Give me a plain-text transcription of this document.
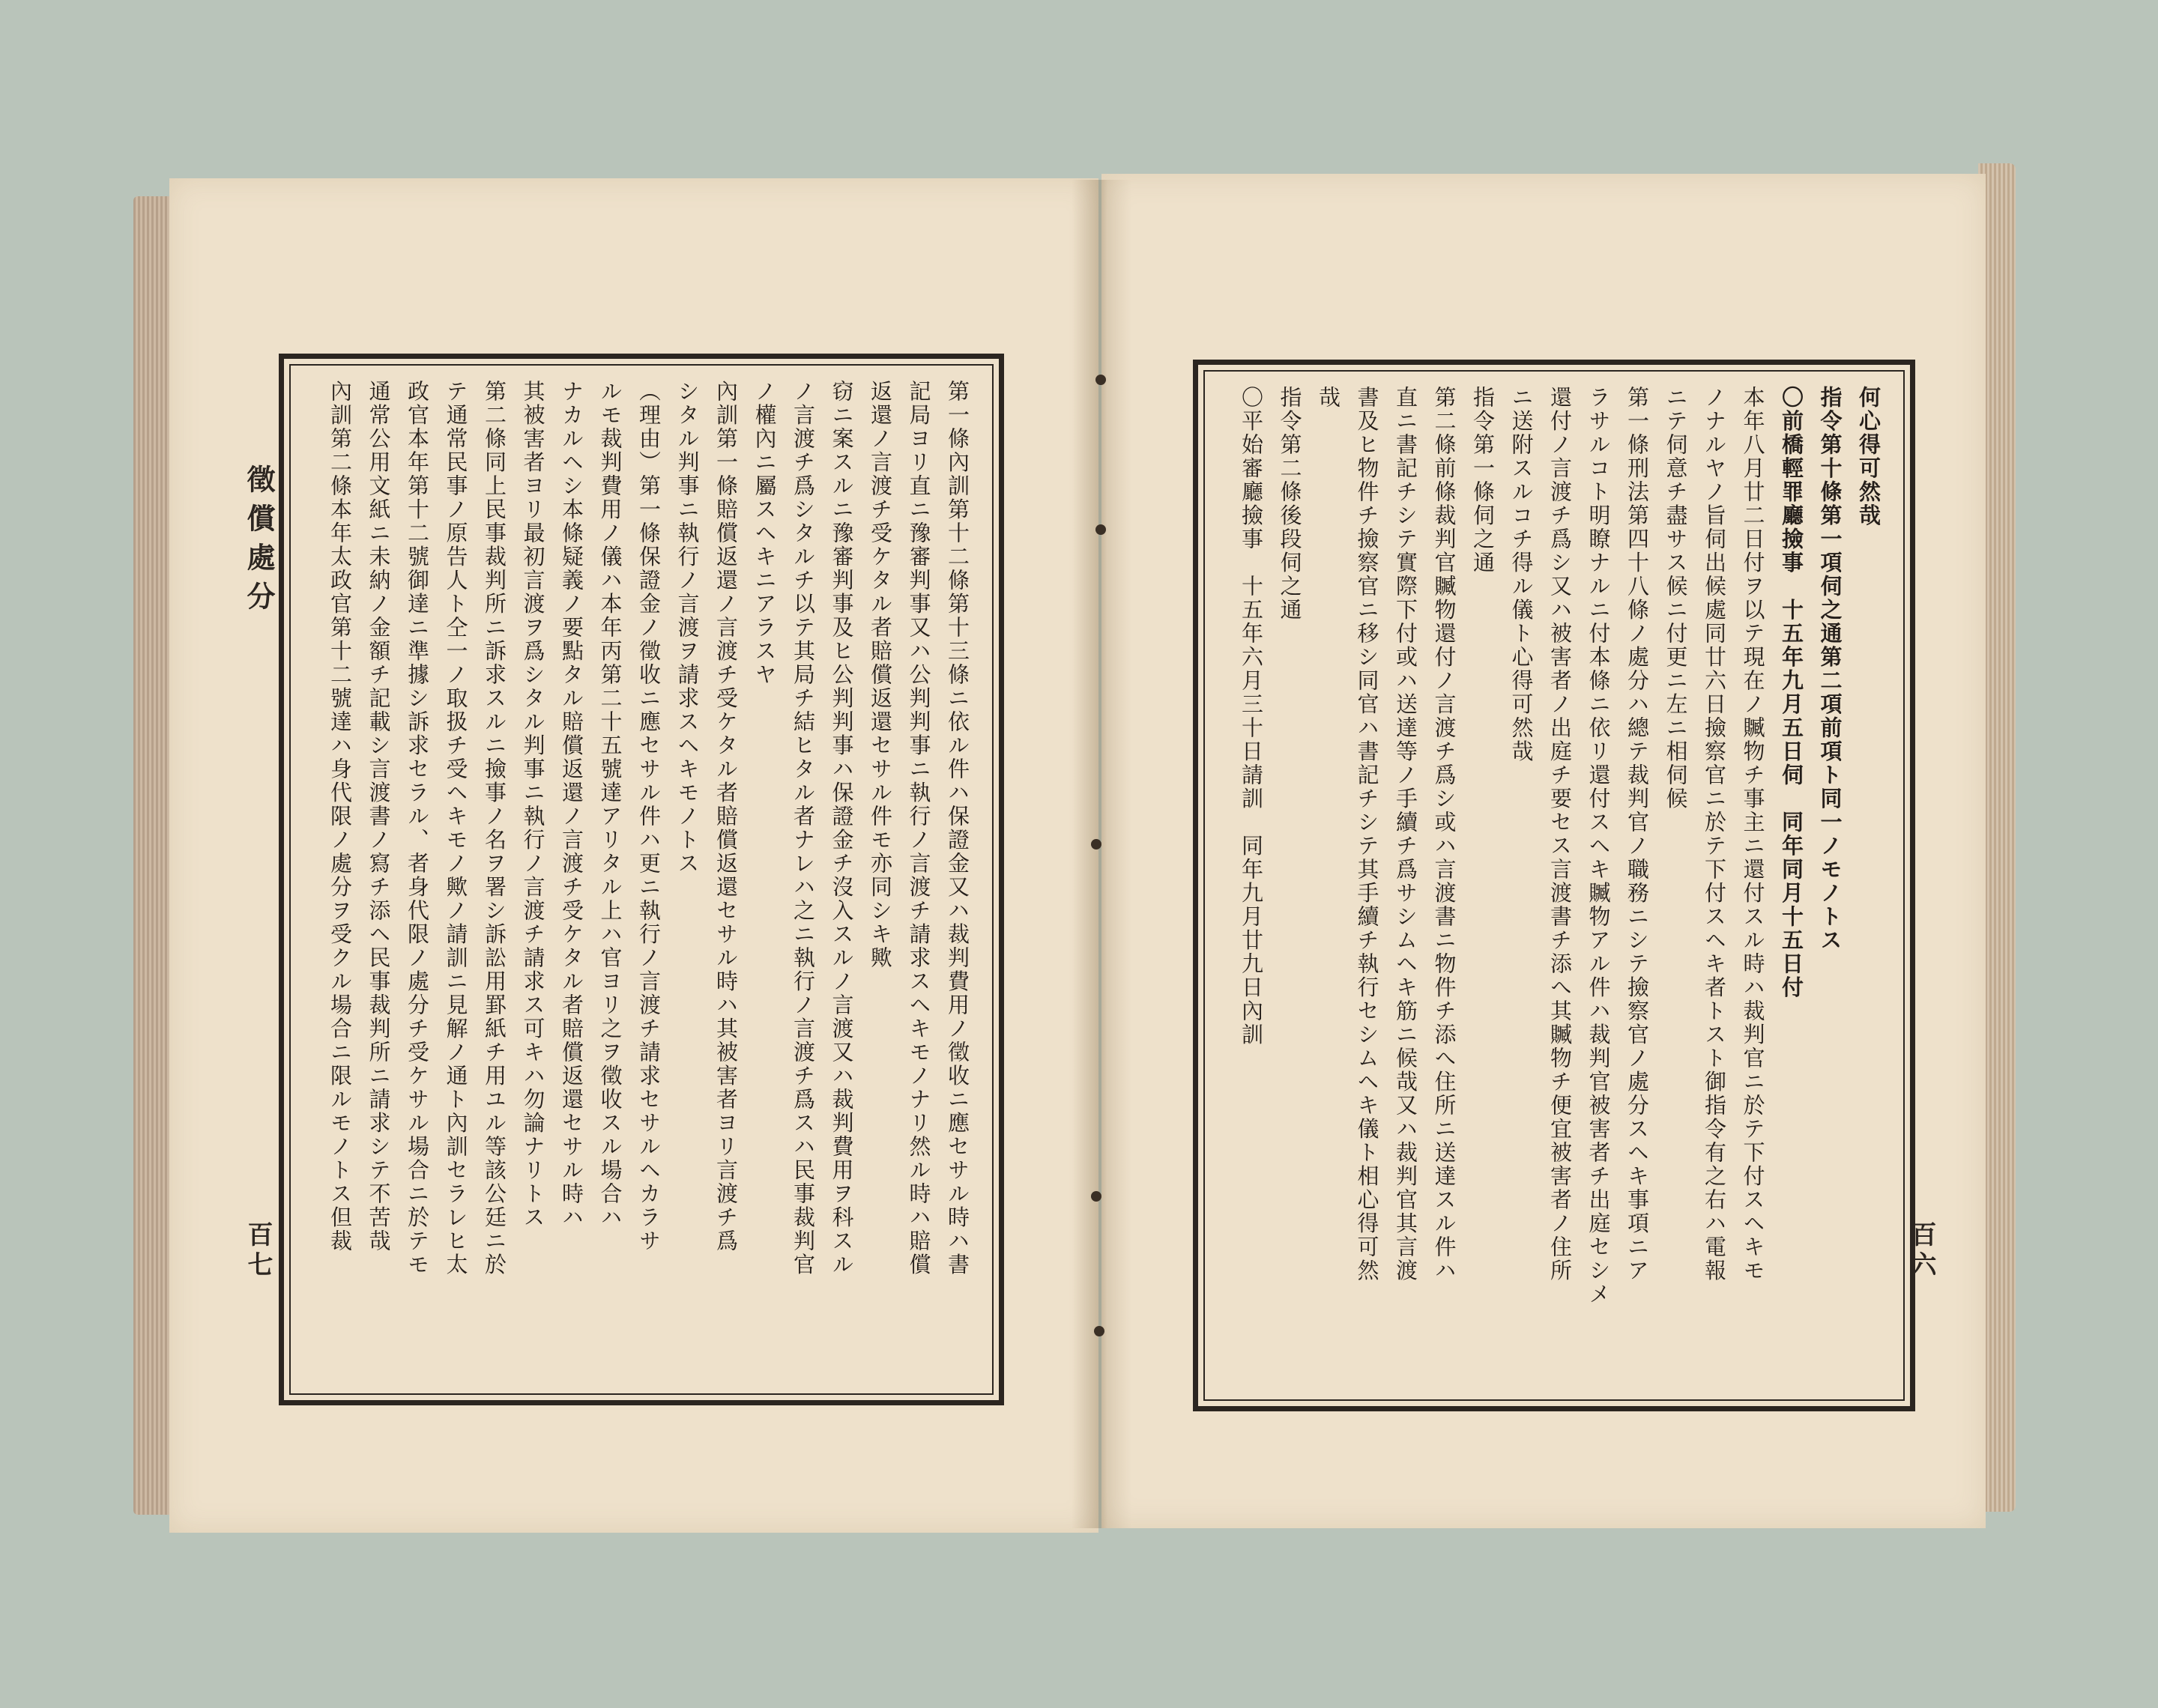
徵償處分
百七	百六
第一條內訓第十二條第十三條ニ依ル件ハ保證金又ハ裁判費用ノ徵收ニ應セサル時ハ書
記局ヨリ直ニ豫審判事又ハ公判判事ニ執行ノ言渡チ請求スヘキモノナリ然ル時ハ賠償
返還ノ言渡チ受ケタル者賠償返還セサル件モ亦同シキ歟
窃ニ案スルニ豫審判事及ヒ公判判事ハ保證金チ沒入スルノ言渡又ハ裁判費用ヲ科スル
ノ言渡チ爲シタルチ以テ其局チ結ヒタル者ナレハ之ニ執行ノ言渡チ爲スハ民事裁判官
ノ權內ニ屬スヘキニアラスヤ
內訓第一條賠償返還ノ言渡チ受ケタル者賠償返還セサル時ハ其被害者ヨリ言渡チ爲
シタル判事ニ執行ノ言渡ヲ請求スヘキモノトス
（理由）第一條保證金ノ徵收ニ應セサル件ハ更ニ執行ノ言渡チ請求セサルヘカラサ
ルモ裁判費用ノ儀ハ本年丙第二十五號達アリタル上ハ官ヨリ之ヲ徵收スル場合ハ
ナカルヘシ本條疑義ノ要點タル賠償返還ノ言渡チ受ケタル者賠償返還セサル時ハ
其被害者ヨリ最初言渡ヲ爲シタル判事ニ執行ノ言渡チ請求ス可キハ勿論ナリトス
第二條同上民事裁判所ニ訴求スルニ撿事ノ名ヲ署シ訴訟用罫紙チ用ユル等該公廷ニ於
テ通常民事ノ原告人ト仝一ノ取扱チ受ヘキモノ歟ノ請訓ニ見解ノ通ト內訓セラレヒ太
政官本年第十二號御達ニ準據シ訴求セラル、者身代限ノ處分チ受ケサル場合ニ於テモ
通常公用文紙ニ未納ノ金額チ記載シ言渡書ノ寫チ添ヘ民事裁判所ニ請求シテ不苦哉
內訓第二條本年太政官第十二號達ハ身代限ノ處分ヲ受クル場合ニ限ルモノトス但裁	何心得可然哉
指令第十條第一項伺之通第二項前項ト同一ノモノトス
〇前橋輕罪廳撿事　十五年九月五日伺　同年同月十五日付
本年八月廿二日付ヲ以テ現在ノ贓物チ事主ニ還付スル時ハ裁判官ニ於テ下付スヘキモ
ノナルヤノ旨伺出候處同廿六日撿察官ニ於テ下付スヘキ者トスト御指令有之右ハ電報
ニテ伺意チ盡サス候ニ付更ニ左ニ相伺候
第一條刑法第四十八條ノ處分ハ總テ裁判官ノ職務ニシテ撿察官ノ處分スヘキ事項ニア
ラサルコト明瞭ナルニ付本條ニ依リ還付スヘキ贓物アル件ハ裁判官被害者チ出庭セシメ
還付ノ言渡チ爲シ又ハ被害者ノ出庭チ要セス言渡書チ添へ其贓物チ便宜被害者ノ住所
ニ送附スルコチ得ル儀ト心得可然哉
指令第一條伺之通
第二條前條裁判官贓物還付ノ言渡チ爲シ或ハ言渡書ニ物件チ添へ住所ニ送達スル件ハ
直ニ書記チシテ實際下付或ハ送達等ノ手續チ爲サシムヘキ筋ニ候哉又ハ裁判官其言渡
書及ヒ物件チ撿察官ニ移シ同官ハ書記チシテ其手續チ執行セシムヘキ儀ト相心得可然
哉
指令第二條後段伺之通
〇平始審廳撿事　十五年六月三十日請訓　同年九月廿九日內訓
